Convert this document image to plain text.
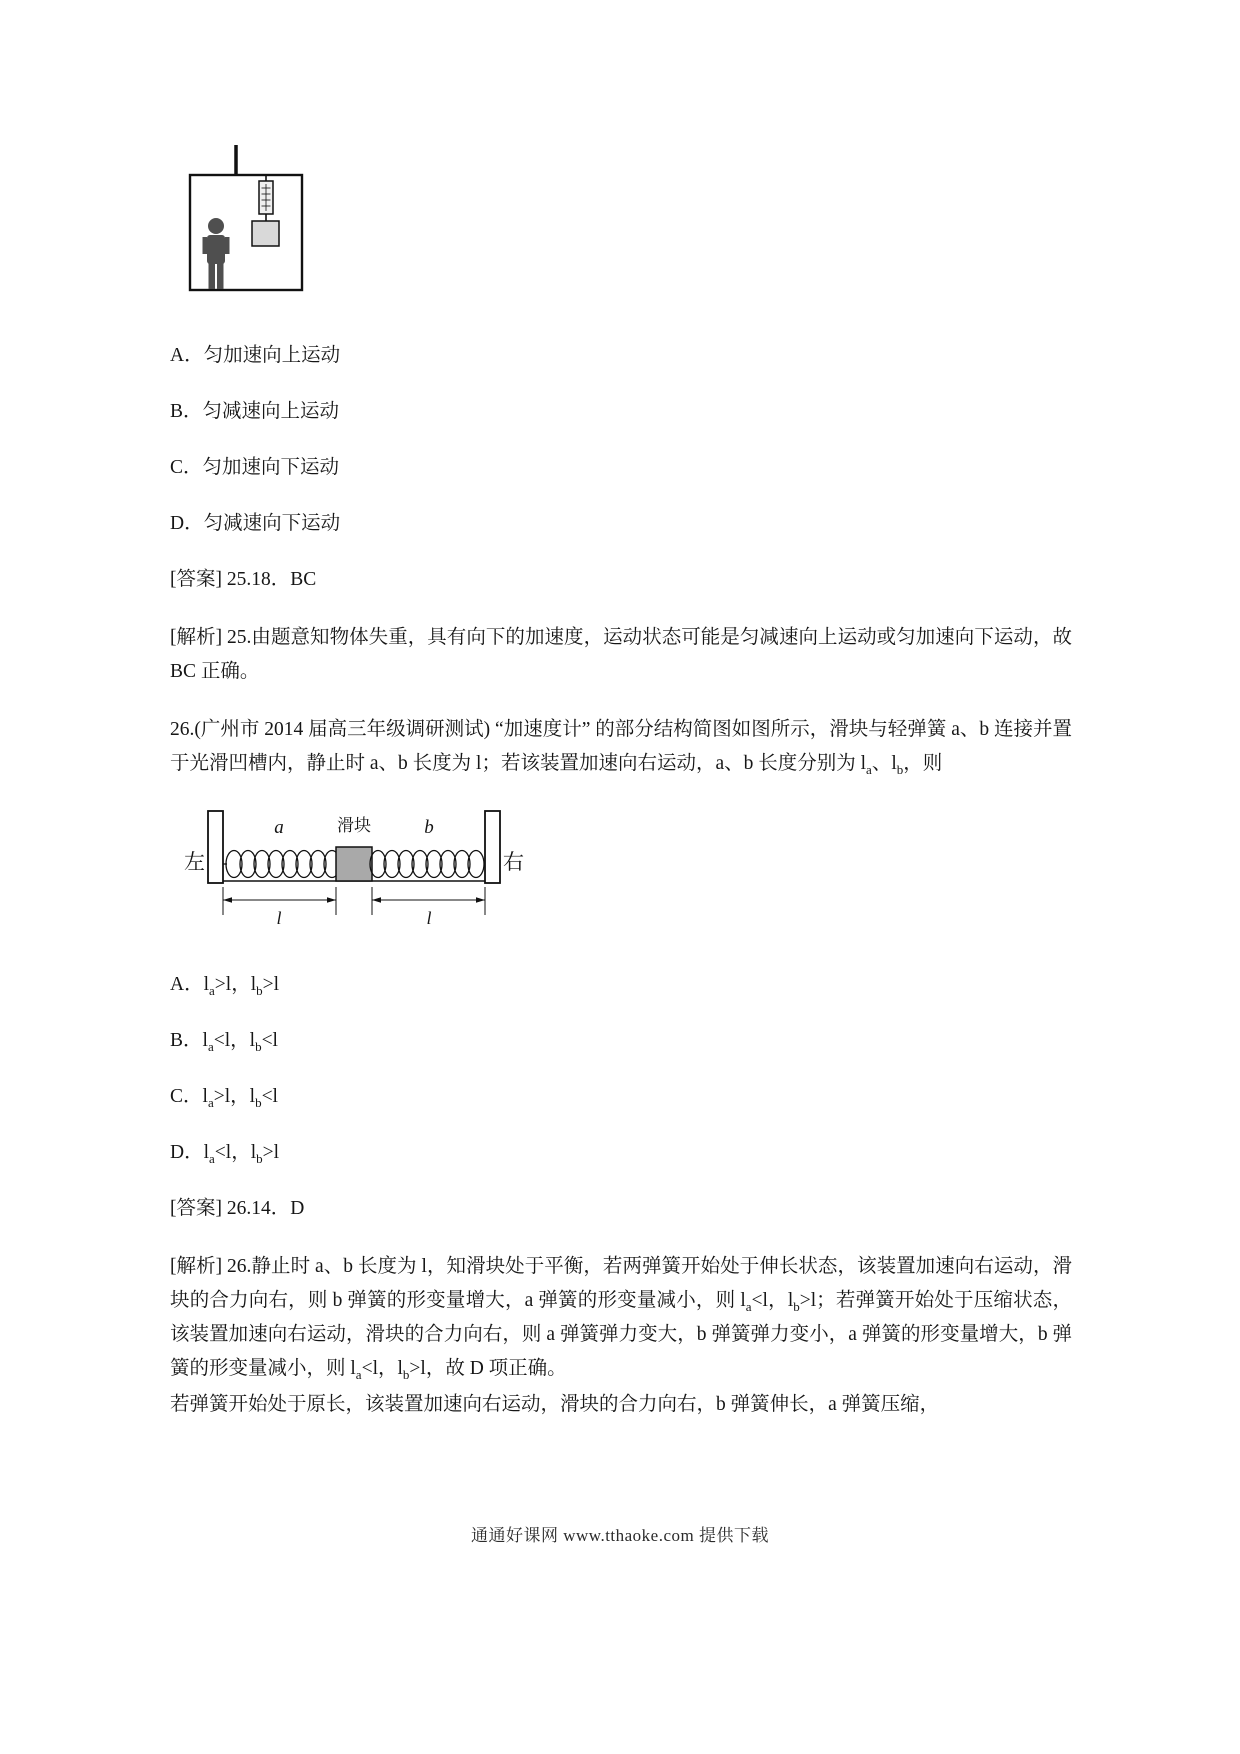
A．匀加速向上运动

B．匀减速向上运动

C．匀加速向下运动

D．匀减速向下运动

[答案] 25.18．BC

[解析] 25.由题意知物体失重，具有向下的加速度，运动状态可能是匀减速向上运动或匀加速向下运动，故 BC 正确。

26.(广州市 2014 届高三年级调研测试) “加速度计” 的部分结构简图如图所示，滑块与轻弹簧 a、b 连接并置于光滑凹槽内，静止时 a、b 长度为 l；若该装置加速向右运动，a、b 长度分别为 $l_a$、$l_b$，则

左	右
a	滑块	b
l	l

A．$l_a>l$，$l_b>l$

B．$l_a<l$，$l_b<l$

C．$l_a>l$，$l_b<l$

D．$l_a<l$，$l_b>l$

[答案] 26.14．D

[解析] 26.静止时 a、b 长度为 l，知滑块处于平衡，若两弹簧开始处于伸长状态，该装置加速向右运动，滑块的合力向右，则 b 弹簧的形变量增大，a 弹簧的形变量减小，则 $l_a<l$，$l_b>l$；若弹簧开始处于压缩状态，该装置加速向右运动，滑块的合力向右，则 a 弹簧弹力变大，b 弹簧弹力变小，a 弹簧的形变量增大，b 弹簧的形变量减小，则 $l_a<l$，$l_b>l$，故 D 项正确。

若弹簧开始处于原长，该装置加速向右运动，滑块的合力向右，b 弹簧伸长，a 弹簧压缩，

通通好课网 www.tthaoke.com 提供下载
